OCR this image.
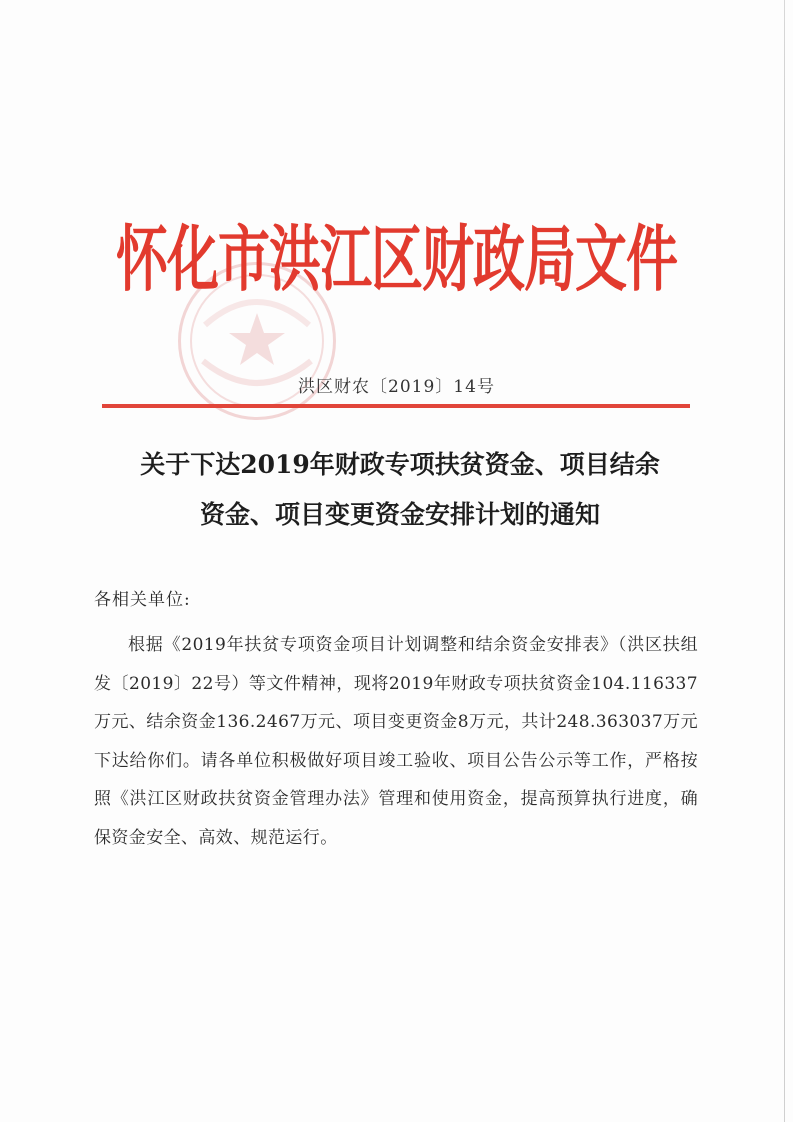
怀化市洪江区财政局文件
洪区财农〔2019〕14号
关于下达2019年财政专项扶贫资金、项目结余
资金、项目变更资金安排计划的通知
各相关单位:

根据《2019年扶贫专项资金项目计划调整和结余资金安排表》（洪区扶组发〔2019〕22号）等文件精神，现将2019年财政专项扶贫资金104.116337万元、结余资金136.2467万元、项目变更资金8万元，共计248.363037万元下达给你们。请各单位积极做好项目竣工验收、项目公告公示等工作，严格按照《洪江区财政扶贫资金管理办法》管理和使用资金，提高预算执行进度，确保资金安全、高效、规范运行。
